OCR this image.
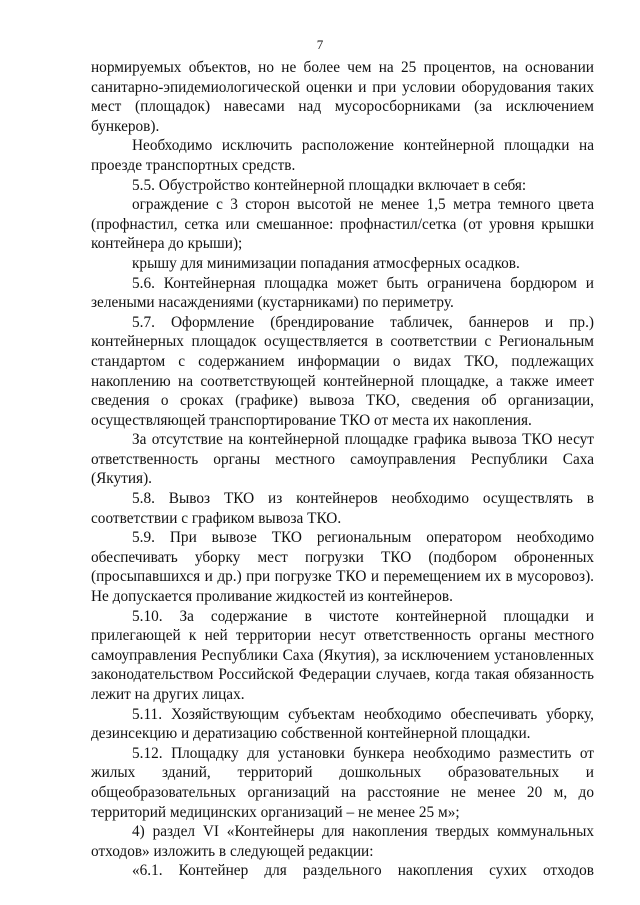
7

нормируемых объектов, но не более чем на 25 процентов, на основании санитарно-эпидемиологической оценки и при условии оборудования таких мест (площадок) навесами над мусоросборниками (за исключением бункеров).

Необходимо исключить расположение контейнерной площадки на проезде транспортных средств.

5.5. Обустройство контейнерной площадки включает в себя:

ограждение с 3 сторон высотой не менее 1,5 метра темного цвета (профнастил, сетка или смешанное: профнастил/сетка (от уровня крышки контейнера до крыши);

крышу для минимизации попадания атмосферных осадков.

5.6. Контейнерная площадка может быть ограничена бордюром и зелеными насаждениями (кустарниками) по периметру.

5.7. Оформление (брендирование табличек, баннеров и пр.) контейнерных площадок осуществляется в соответствии с Региональным стандартом с содержанием информации о видах ТКО, подлежащих накоплению на соответствующей контейнерной площадке, а также имеет сведения о сроках (графике) вывоза ТКО, сведения об организации, осуществляющей транспортирование ТКО от места их накопления.

За отсутствие на контейнерной площадке графика вывоза ТКО несут ответственность органы местного самоуправления Республики Саха (Якутия).

5.8. Вывоз ТКО из контейнеров необходимо осуществлять в соответствии с графиком вывоза ТКО.

5.9. При вывозе ТКО региональным оператором необходимо обеспечивать уборку мест погрузки ТКО (подбором оброненных (просыпавшихся и др.) при погрузке ТКО и перемещением их в мусоровоз). Не допускается проливание жидкостей из контейнеров.

5.10. За содержание в чистоте контейнерной площадки и прилегающей к ней территории несут ответственность органы местного самоуправления Республики Саха (Якутия), за исключением установленных законодательством Российской Федерации случаев, когда такая обязанность лежит на других лицах.

5.11. Хозяйствующим субъектам необходимо обеспечивать уборку, дезинсекцию и дератизацию собственной контейнерной площадки.

5.12. Площадку для установки бункера необходимо разместить от жилых зданий, территорий дошкольных образовательных и общеобразовательных организаций на расстояние не менее 20 м, до территорий медицинских организаций – не менее 25 м»;

4) раздел VI «Контейнеры для накопления твердых коммунальных отходов» изложить в следующей редакции:

«6.1. Контейнер для раздельного накопления сухих отходов
